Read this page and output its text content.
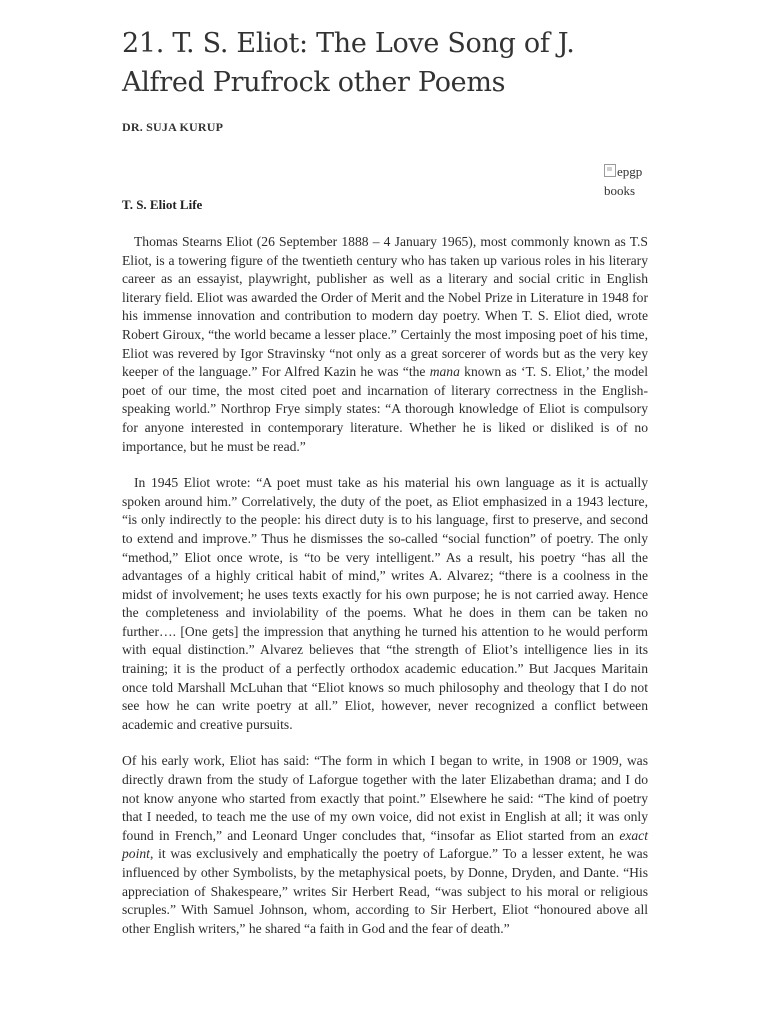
21. T. S. Eliot: The Love Song of J. Alfred Prufrock other Poems
DR. SUJA KURUP
T. S. Eliot Life

Thomas Stearns Eliot (26 September 1888 – 4 January 1965), most commonly known as T.S Eliot, is a towering figure of the twentieth century who has taken up various roles in his literary career as an essayist, playwright, publisher as well as a literary and social critic in English literary field. Eliot was awarded the Order of Merit and the Nobel Prize in Literature in 1948 for his immense innovation and contribution to modern day poetry. When T. S. Eliot died, wrote Robert Giroux, “the world became a lesser place.” Certainly the most imposing poet of his time, Eliot was revered by Igor Stravinsky “not only as a great sorcerer of words but as the very key keeper of the language.” For Alfred Kazin he was “the mana known as ‘T. S. Eliot,’ the model poet of our time, the most cited poet and incarnation of literary correctness in the English-speaking world.” Northrop Frye simply states: “A thorough knowledge of Eliot is compulsory for anyone interested in contemporary literature. Whether he is liked or disliked is of no importance, but he must be read.”

In 1945 Eliot wrote: “A poet must take as his material his own language as it is actually spoken around him.” Correlatively, the duty of the poet, as Eliot emphasized in a 1943 lecture, “is only indirectly to the people: his direct duty is to his language, first to preserve, and second to extend and improve.” Thus he dismisses the so-called “social function” of poetry. The only “method,” Eliot once wrote, is “to be very intelligent.” As a result, his poetry “has all the advantages of a highly critical habit of mind,” writes A. Alvarez; “there is a coolness in the midst of involvement; he uses texts exactly for his own purpose; he is not carried away. Hence the completeness and inviolability of the poems. What he does in them can be taken no further…. [One gets] the impression that anything he turned his attention to he would perform with equal distinction.” Alvarez believes that “the strength of Eliot’s intelligence lies in its training; it is the product of a perfectly orthodox academic education.” But Jacques Maritain once told Marshall McLuhan that “Eliot knows so much philosophy and theology that I do not see how he can write poetry at all.” Eliot, however, never recognized a conflict between academic and creative pursuits.

Of his early work, Eliot has said: “The form in which I began to write, in 1908 or 1909, was directly drawn from the study of Laforgue together with the later Elizabethan drama; and I do not know anyone who started from exactly that point.” Elsewhere he said: “The kind of poetry that I needed, to teach me the use of my own voice, did not exist in English at all; it was only found in French,” and Leonard Unger concludes that, “insofar as Eliot started from an exact point, it was exclusively and emphatically the poetry of Laforgue.” To a lesser extent, he was influenced by other Symbolists, by the metaphysical poets, by Donne, Dryden, and Dante. “His appreciation of Shakespeare,” writes Sir Herbert Read, “was subject to his moral or religious scruples.” With Samuel Johnson, whom, according to Sir Herbert, Eliot “honoured above all other English writers,” he shared “a faith in God and the fear of death.”

epgp
books
